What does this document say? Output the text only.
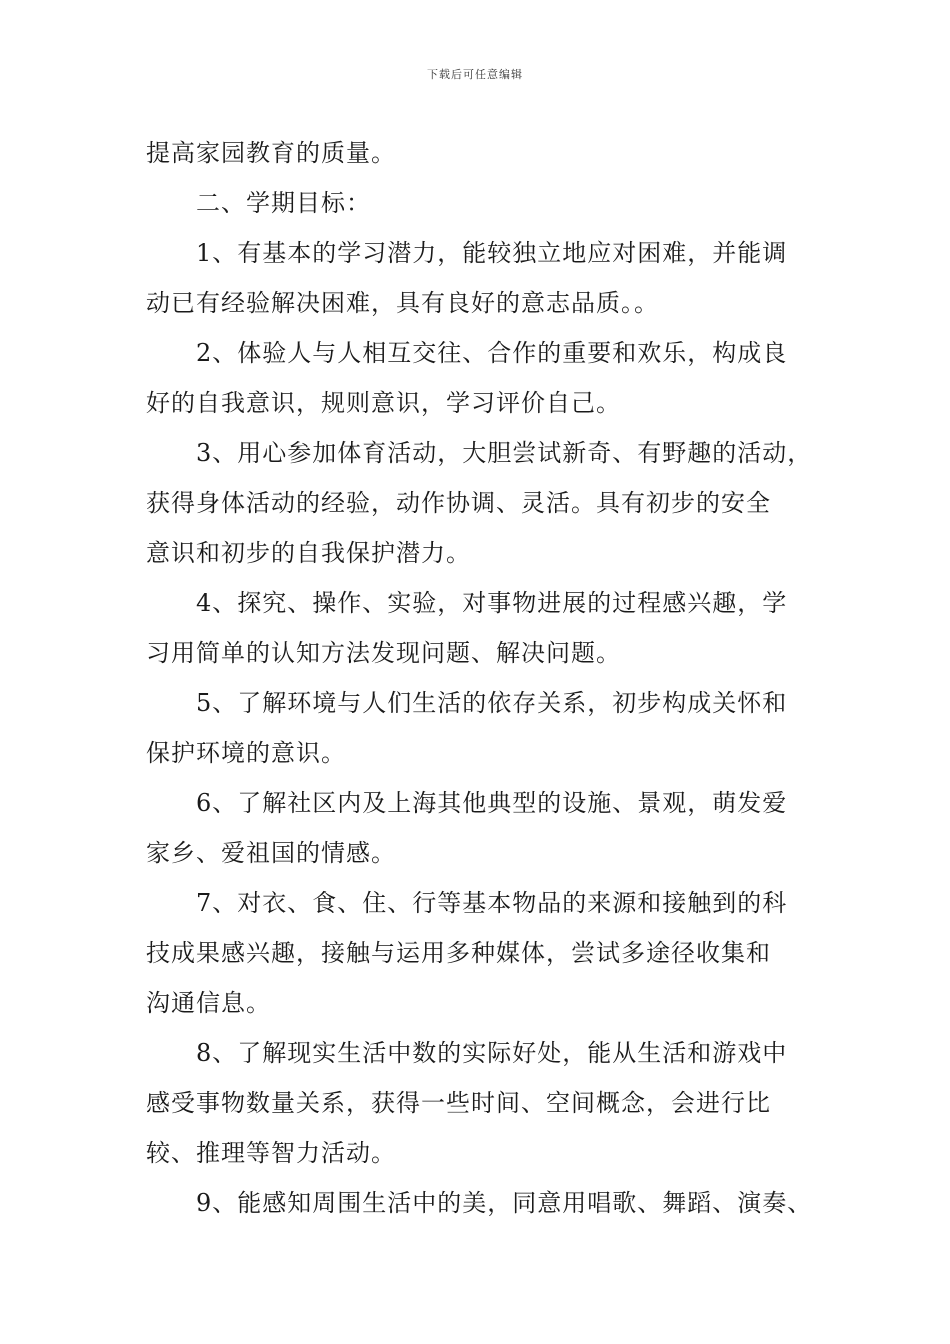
下载后可任意编辑
提高家园教育的质量。
二、学期目标：
1、有基本的学习潜力，能较独立地应对困难，并能调
动已有经验解决困难，具有良好的意志品质。。
2、体验人与人相互交往、合作的重要和欢乐，构成良
好的自我意识，规则意识，学习评价自己。
3、用心参加体育活动，大胆尝试新奇、有野趣的活动，
获得身体活动的经验，动作协调、灵活。具有初步的安全
意识和初步的自我保护潜力。
4、探究、操作、实验，对事物进展的过程感兴趣，学
习用简单的认知方法发现问题、解决问题。
5、了解环境与人们生活的依存关系，初步构成关怀和
保护环境的意识。
6、了解社区内及上海其他典型的设施、景观，萌发爱
家乡、爱祖国的情感。
7、对衣、食、住、行等基本物品的来源和接触到的科
技成果感兴趣，接触与运用多种媒体，尝试多途径收集和
沟通信息。
8、了解现实生活中数的实际好处，能从生活和游戏中
感受事物数量关系，获得一些时间、空间概念，会进行比
较、推理等智力活动。
9、能感知周围生活中的美，同意用唱歌、舞蹈、演奏、
